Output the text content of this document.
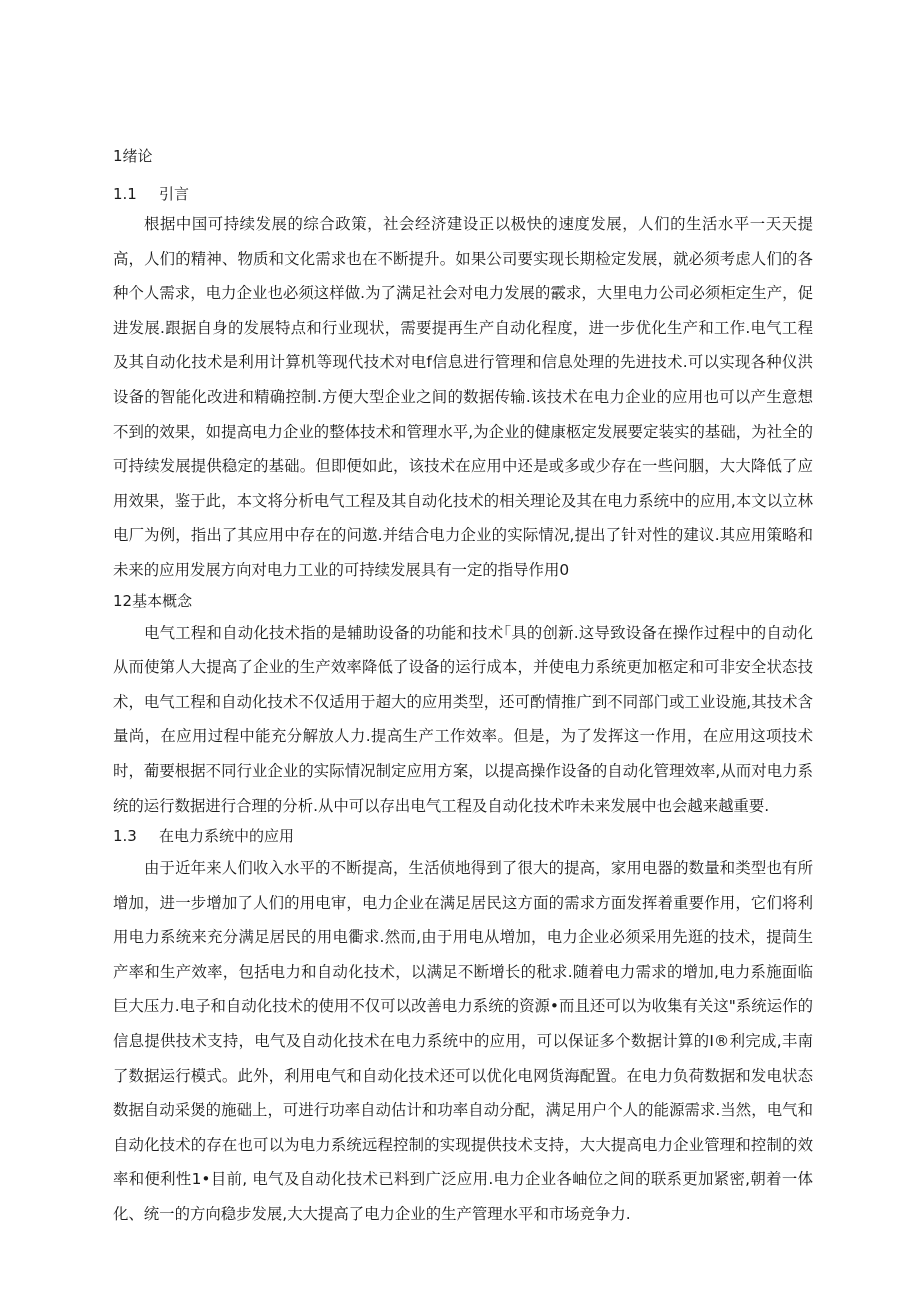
1绪论
1.1 引言

根据中国可持续发展的综合政策，社会经济建设正以极快的速度发展，人们的生活水平一天天提高，人们的精神、物质和文化需求也在不断提升。如果公司要实现长期检定发展，就必须考虑人们的各种个人需求，电力企业也必须这样做.为了满足社会对电力发展的霰求，大里电力公司必须柜定生产，促进发展.跟据自身的发展特点和行业现状，需要提再生产自动化程度，进一步优化生产和工作.电气工程及其自动化技术是利用计算机等现代技术对电f信息进行管理和信息处理的先进技术.可以实现各种仪洪设备的智能化改进和精确控制.方便大型企业之间的数据传输.该技术在电力企业的应用也可以产生意想不到的效果，如提高电力企业的整体技术和管理水平,为企业的健康柩定发展要定装实的基础，为社全的可持续发展提供稳定的基础。但即便如此，该技术在应用中还是或多或少存在一些问胭，大大降低了应用效果，鉴于此，本文将分析电气工程及其自动化技术的相关理论及其在电力系统中的应用,本文以立林电厂为例，指出了其应用中存在的问遨.并结合电力企业的实际情况,提出了针对性的建议.其应用策略和未来的应用发展方向对电力工业的可持续发展具有一定的指导作用0

12基本概念

电气工程和自动化技术指的是辅助设备的功能和技术｢具的创新.这导致设备在操作过程中的自动化从而使第人大提高了企业的生产效率降低了设备的运行成本，并使电力系统更加柩定和可非安全状态技术，电气工程和自动化技术不仅适用于超大的应用类型，还可酌情推广到不同部门或工业设施,其技术含量尚，在应用过程中能充分解放人力.提高生产工作效率。但是，为了发挥这一作用，在应用这项技术时，葡要根据不同行业企业的实际情况制定应用方案，以提高操作设备的自动化管理效率,从而对电力系统的运行数据进行合理的分析.从中可以存出电气工程及自动化技术咋未来发展中也会越来越重要.

1.3 在电力系统中的应用

由于近年来人们收入水平的不断提高，生活侦地得到了很大的提高，家用电器的数量和类型也有所增加，进一步增加了人们的用电审，电力企业在满足居民这方面的需求方面发挥着重要作用，它们将利用电力系统来充分满足居民的用电衢求.然而,由于用电从増加，电力企业必须采用先逛的技术，提茼生产率和生产效率，包括电力和自动化技术，以满足不断增长的秕求.随着电力需求的增加,电力系施面临巨大压力.电子和自动化技术的使用不仅可以改善电力系统的资源•而且还可以为收集有关这"系统运作的信息提供技术支持，电气及自动化技术在电力系统中的应用，可以保证多个数据计算的I®利完成,丰南了数据运行模式。此外，利用电气和自动化技术还可以优化电网货海配置。在电力负荷数据和发电状态数据自动采煲的施础上，可进行功率自动估计和功率自动分配，满足用户个人的能源需求.当然，电气和自动化技术的存在也可以为电力系统远程控制的实现提供技术支持，大大提高电力企业管理和控制的效率和便利性1•目前, 电气及自动化技术已料到广泛应用.电力企业各岫位之间的联系更加紧密,朝着一体化、统一的方向稳步发展,大大提高了电力企业的生产管理水平和市场竞争力.
